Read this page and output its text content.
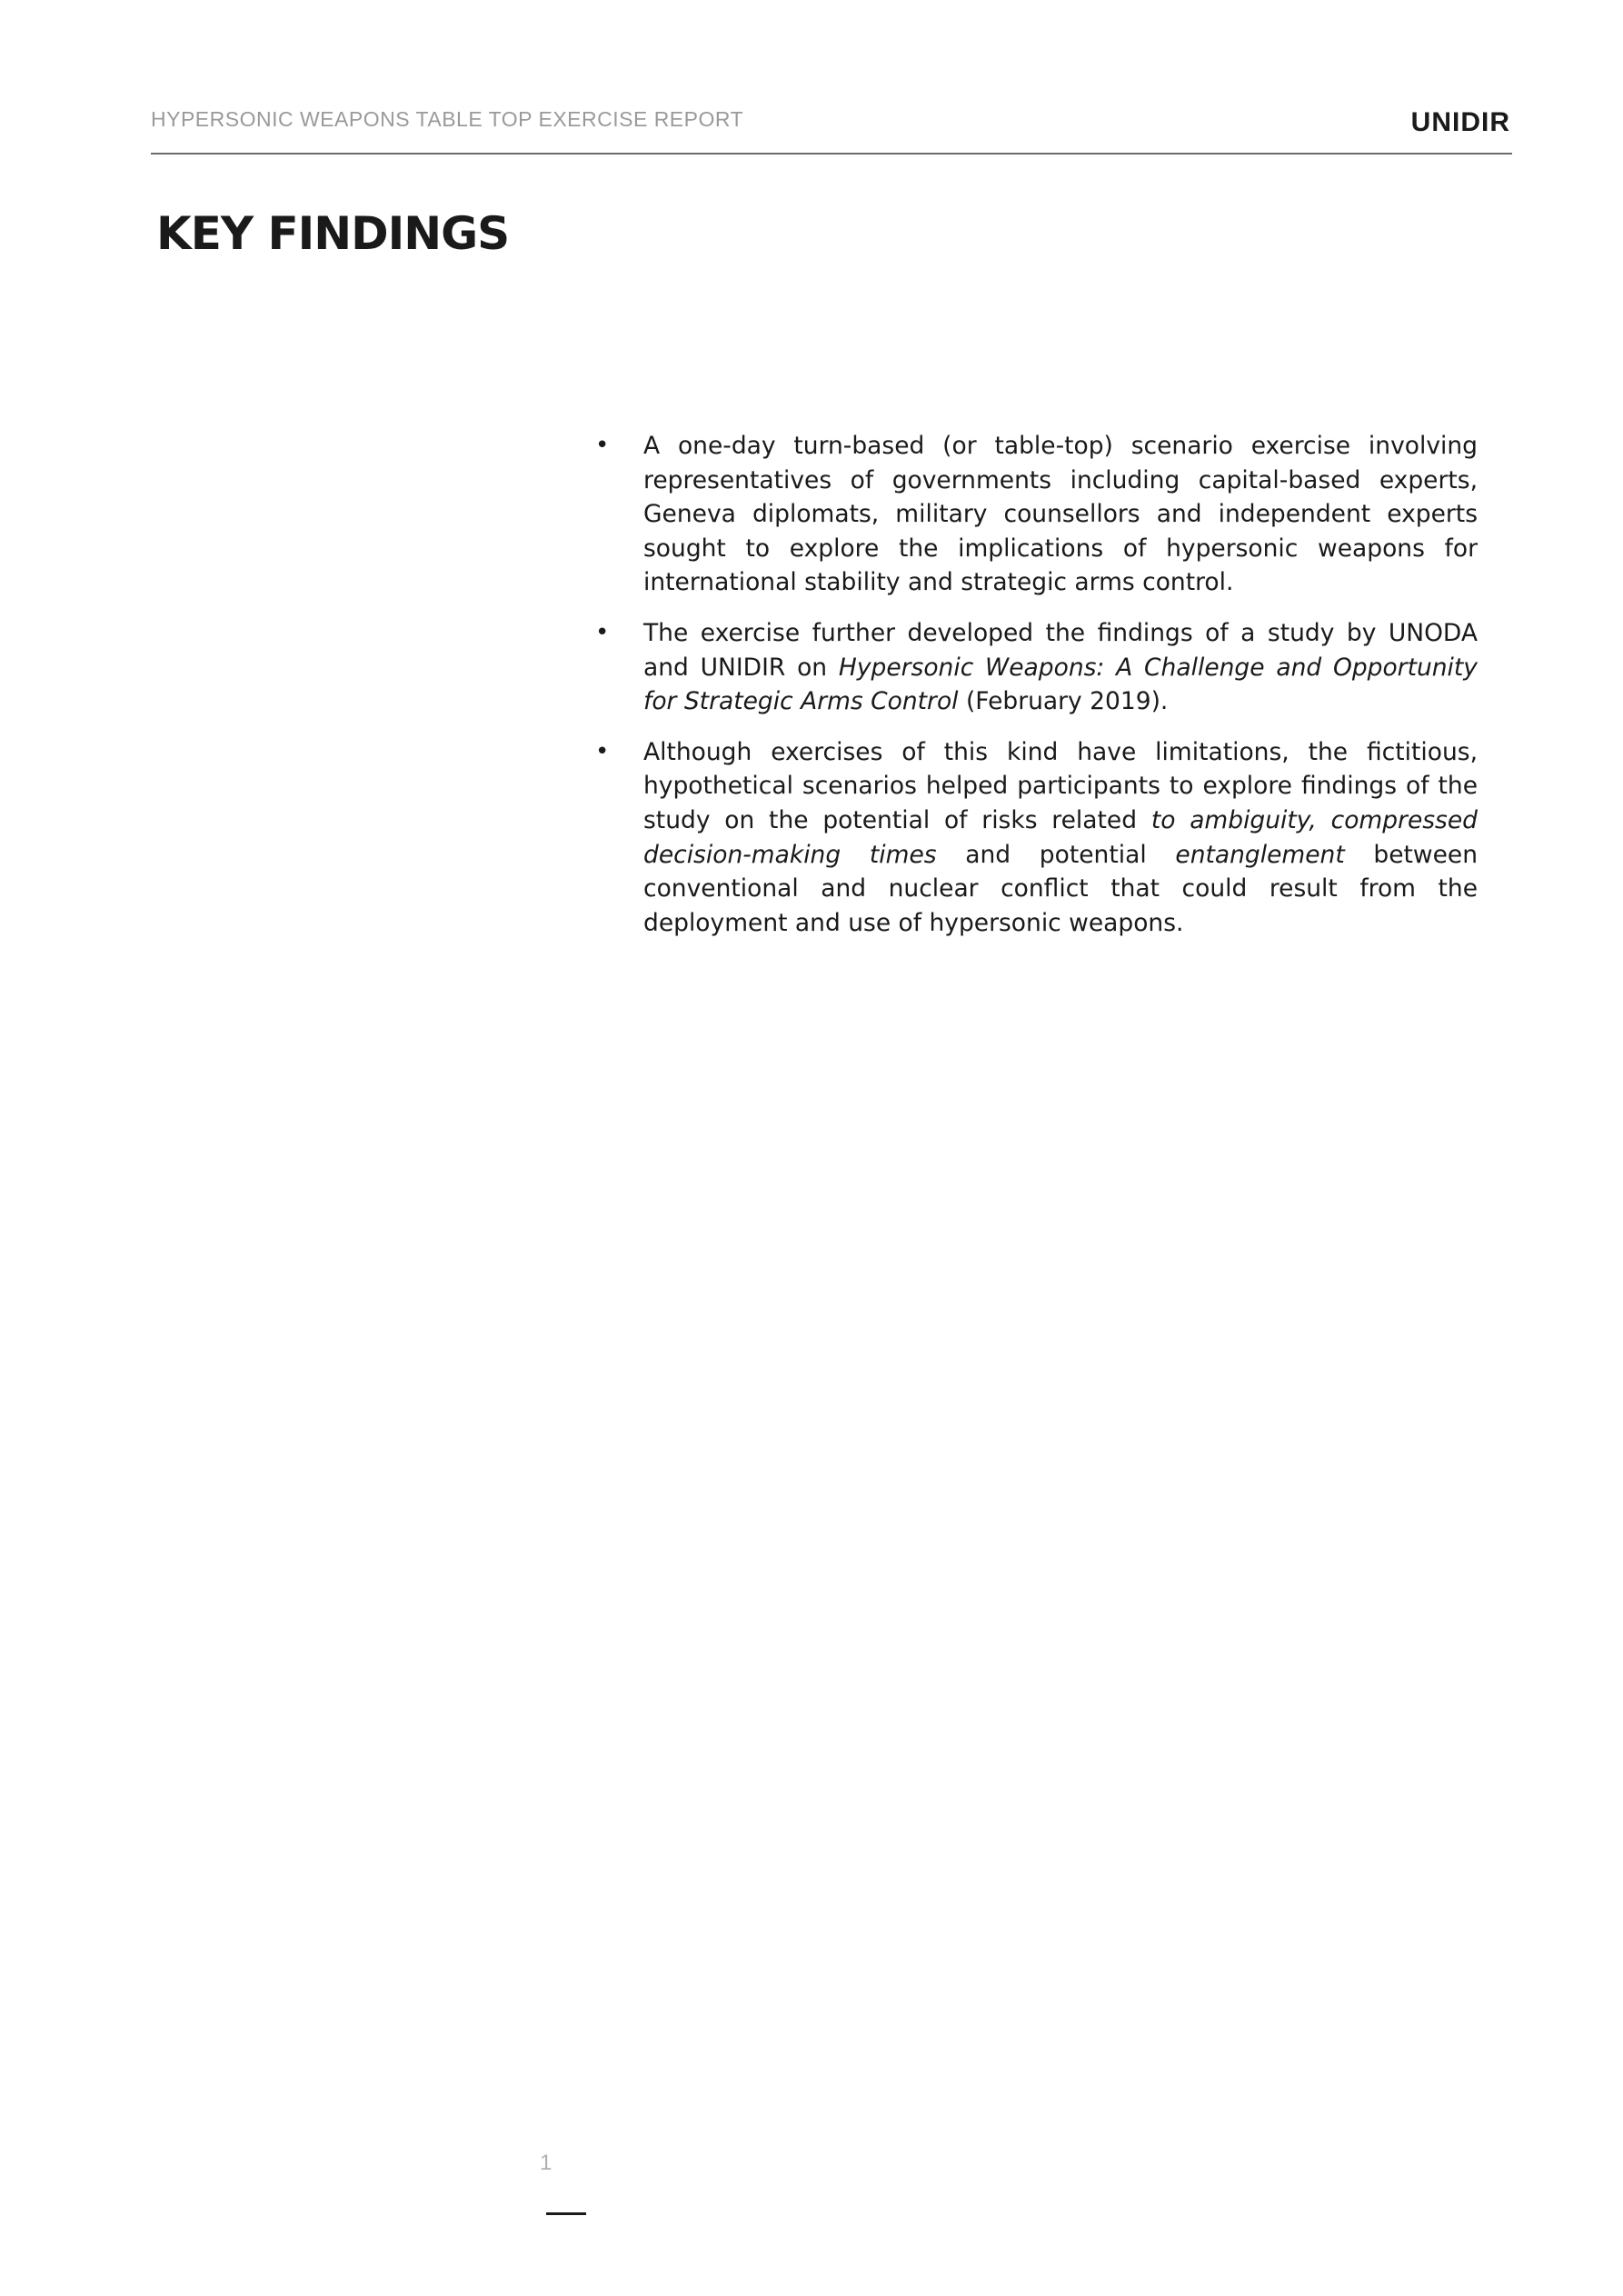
HYPERSONIC WEAPONS TABLE TOP EXERCISE REPORT	UNIDIR
KEY FINDINGS
• A one-day turn-based (or table-top) scenario exercise involving representatives of governments including capital-based experts, Geneva diplomats, military counsellors and independent experts sought to explore the implications of hypersonic weapons for international stability and strategic arms control.
• The exercise further developed the findings of a study by UNODA and UNIDIR on Hypersonic Weapons: A Challenge and Opportunity for Strategic Arms Control (February 2019).
• Although exercises of this kind have limitations, the fictitious, hypothetical scenarios helped participants to explore findings of the study on the potential of risks related to ambiguity, compressed decision-making times and potential entanglement between conventional and nuclear conflict that could result from the deployment and use of hypersonic weapons.
1
